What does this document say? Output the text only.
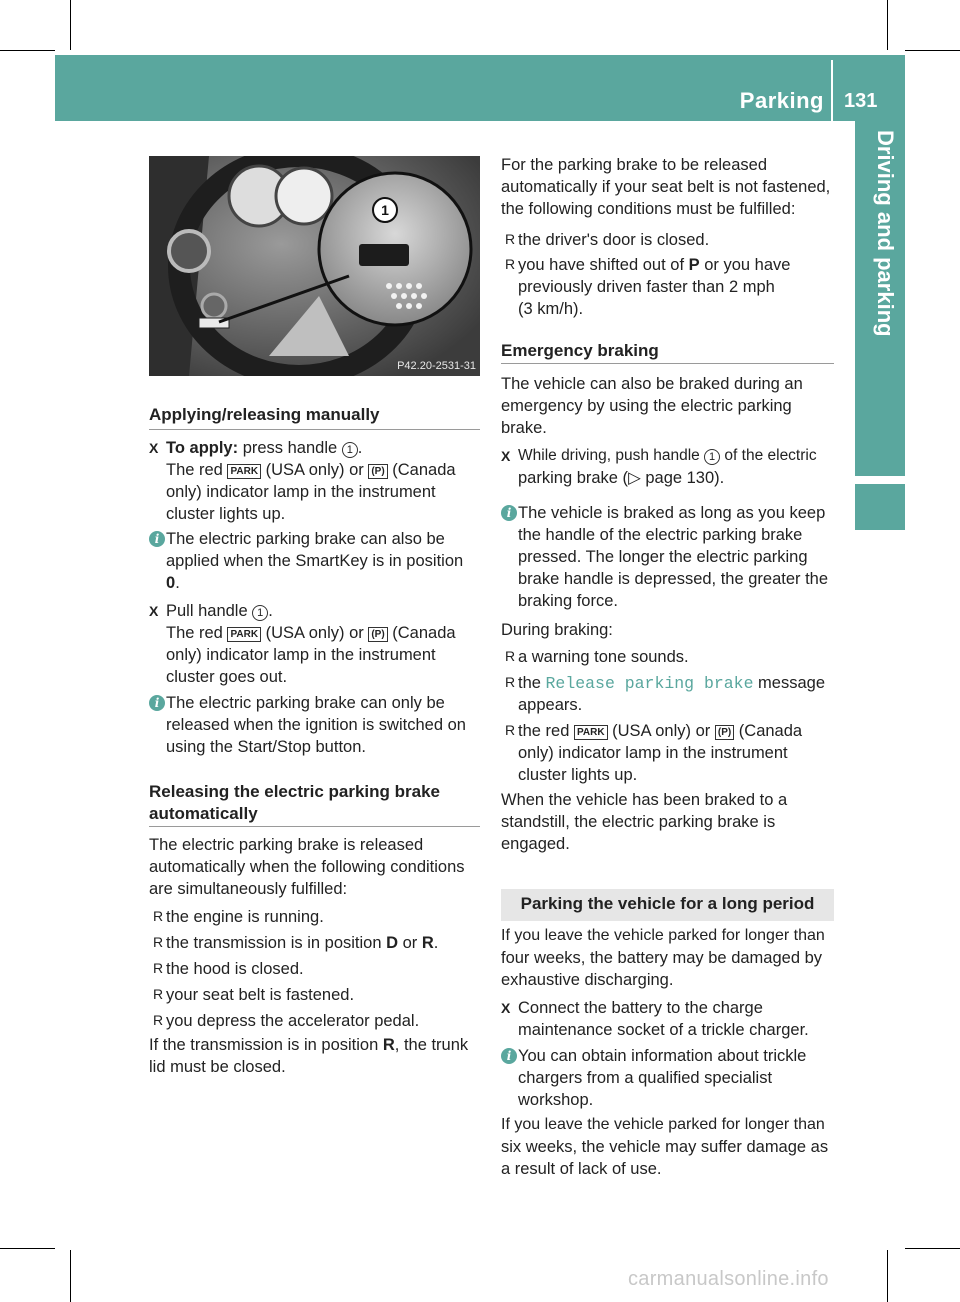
Parking 131
Driving and parking
1
P42.20-2531-31
Applying/releasing manually
X To apply: press handle 1 .
The red PARK (USA only) or (P) (Canada
only) indicator lamp in the instrument
cluster lights up.
i The electric parking brake can also be
applied when the SmartKey is in position
0.
X Pull handle 1 .
The red PARK (USA only) or (P) (Canada
only) indicator lamp in the instrument
cluster goes out.
i The electric parking brake can only be
released when the ignition is switched on
using the Start/Stop button.
Releasing the electric parking brake
automatically
The electric parking brake is released
automatically when the following conditions
are simultaneously fulfilled:
R the engine is running.
R the transmission is in position D or R.
R the hood is closed.
R your seat belt is fastened.
R you depress the accelerator pedal.
If the transmission is in position R, the trunk
lid must be closed.
For the parking brake to be released
automatically if your seat belt is not fastened,
the following conditions must be fulfilled:
R the driver's door is closed.
R you have shifted out of P or you have
previously driven faster than 2 mph
(3 km/h).
Emergency braking
The vehicle can also be braked during an
emergency by using the electric parking
brake.
X While driving, push handle 1 of the electric
parking brake (▷ page 130).
i The vehicle is braked as long as you keep
the handle of the electric parking brake
pressed. The longer the electric parking
brake handle is depressed, the greater the
braking force.
During braking:
R a warning tone sounds.
R the Release parking brake message
appears.
R the red PARK (USA only) or (P) (Canada
only) indicator lamp in the instrument
cluster lights up.
When the vehicle has been braked to a
standstill, the electric parking brake is
engaged.
Parking the vehicle for a long period
If you leave the vehicle parked for longer than
four weeks, the battery may be damaged by
exhaustive discharging.
X Connect the battery to the charge
maintenance socket of a trickle charger.
i You can obtain information about trickle
chargers from a qualified specialist
workshop.
If you leave the vehicle parked for longer than
six weeks, the vehicle may suffer damage as
a result of lack of use.
carmanualsonline.info
